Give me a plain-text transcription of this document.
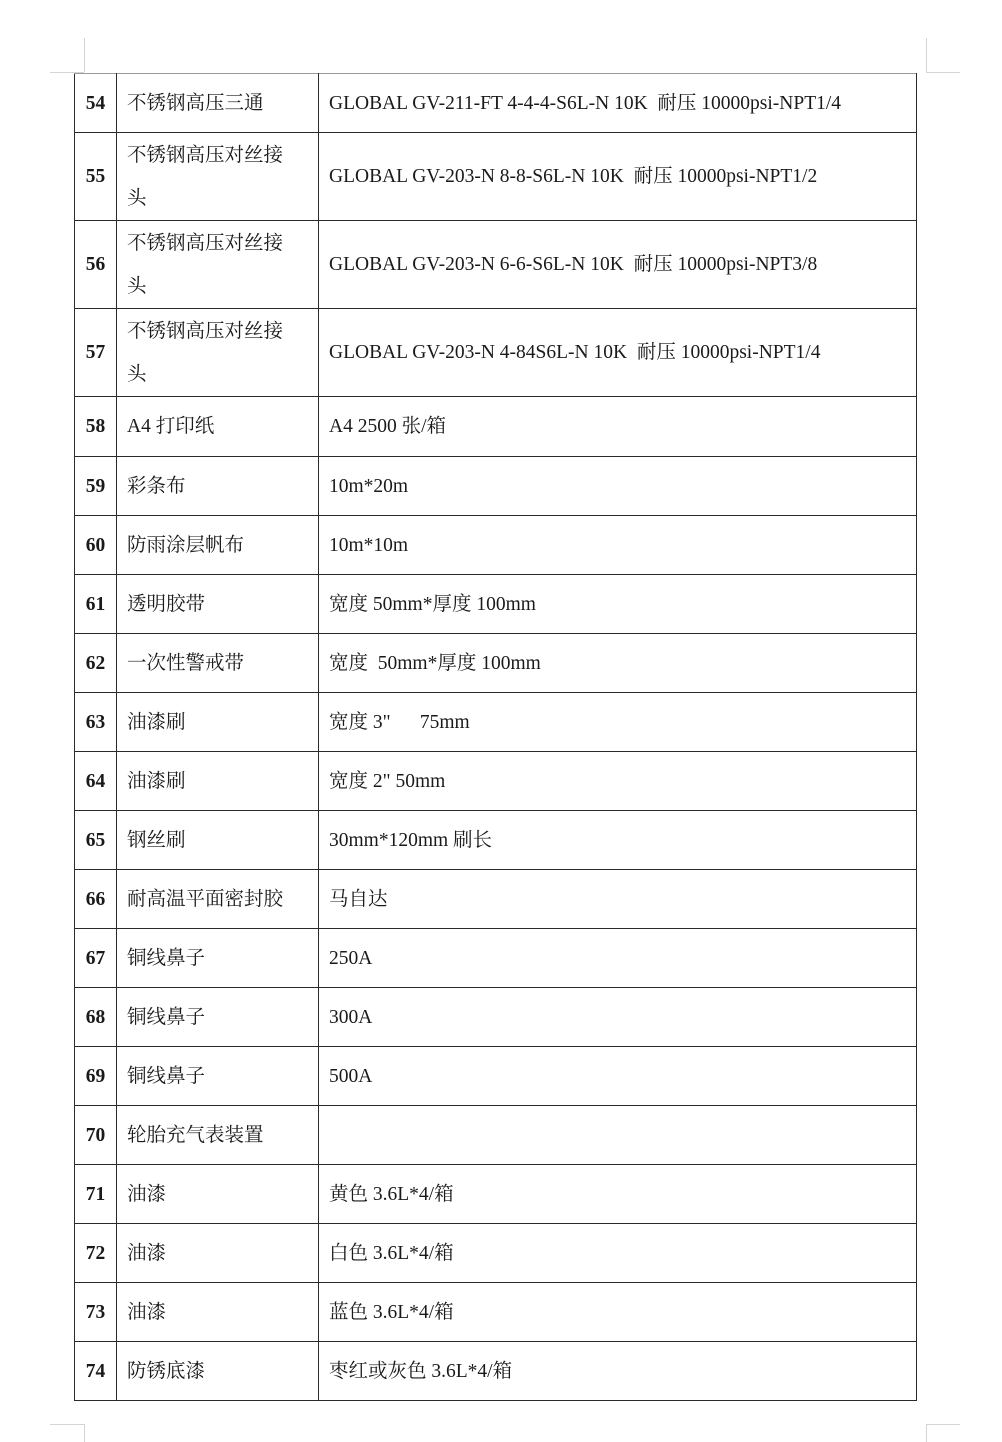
54	不锈钢高压三通	GLOBAL GV-211-FT 4-4-4-S6L-N 10K  耐压 10000psi-NPT1/4
55	不锈钢高压对丝接头	GLOBAL GV-203-N 8-8-S6L-N 10K  耐压 10000psi-NPT1/2
56	不锈钢高压对丝接头	GLOBAL GV-203-N 6-6-S6L-N 10K  耐压 10000psi-NPT3/8
57	不锈钢高压对丝接头	GLOBAL GV-203-N 4-84S6L-N 10K  耐压 10000psi-NPT1/4
58	A4 打印纸	A4 2500 张/箱
59	彩条布	10m*20m
60	防雨涂层帆布	10m*10m
61	透明胶带	宽度 50mm*厚度 100mm
62	一次性警戒带	宽度  50mm*厚度 100mm
63	油漆刷	宽度 3"      75mm
64	油漆刷	宽度 2" 50mm
65	钢丝刷	30mm*120mm 刷长
66	耐高温平面密封胶	马自达
67	铜线鼻子	250A
68	铜线鼻子	300A
69	铜线鼻子	500A
70	轮胎充气表装置	
71	油漆	黄色 3.6L*4/箱
72	油漆	白色 3.6L*4/箱
73	油漆	蓝色 3.6L*4/箱
74	防锈底漆	枣红或灰色 3.6L*4/箱
